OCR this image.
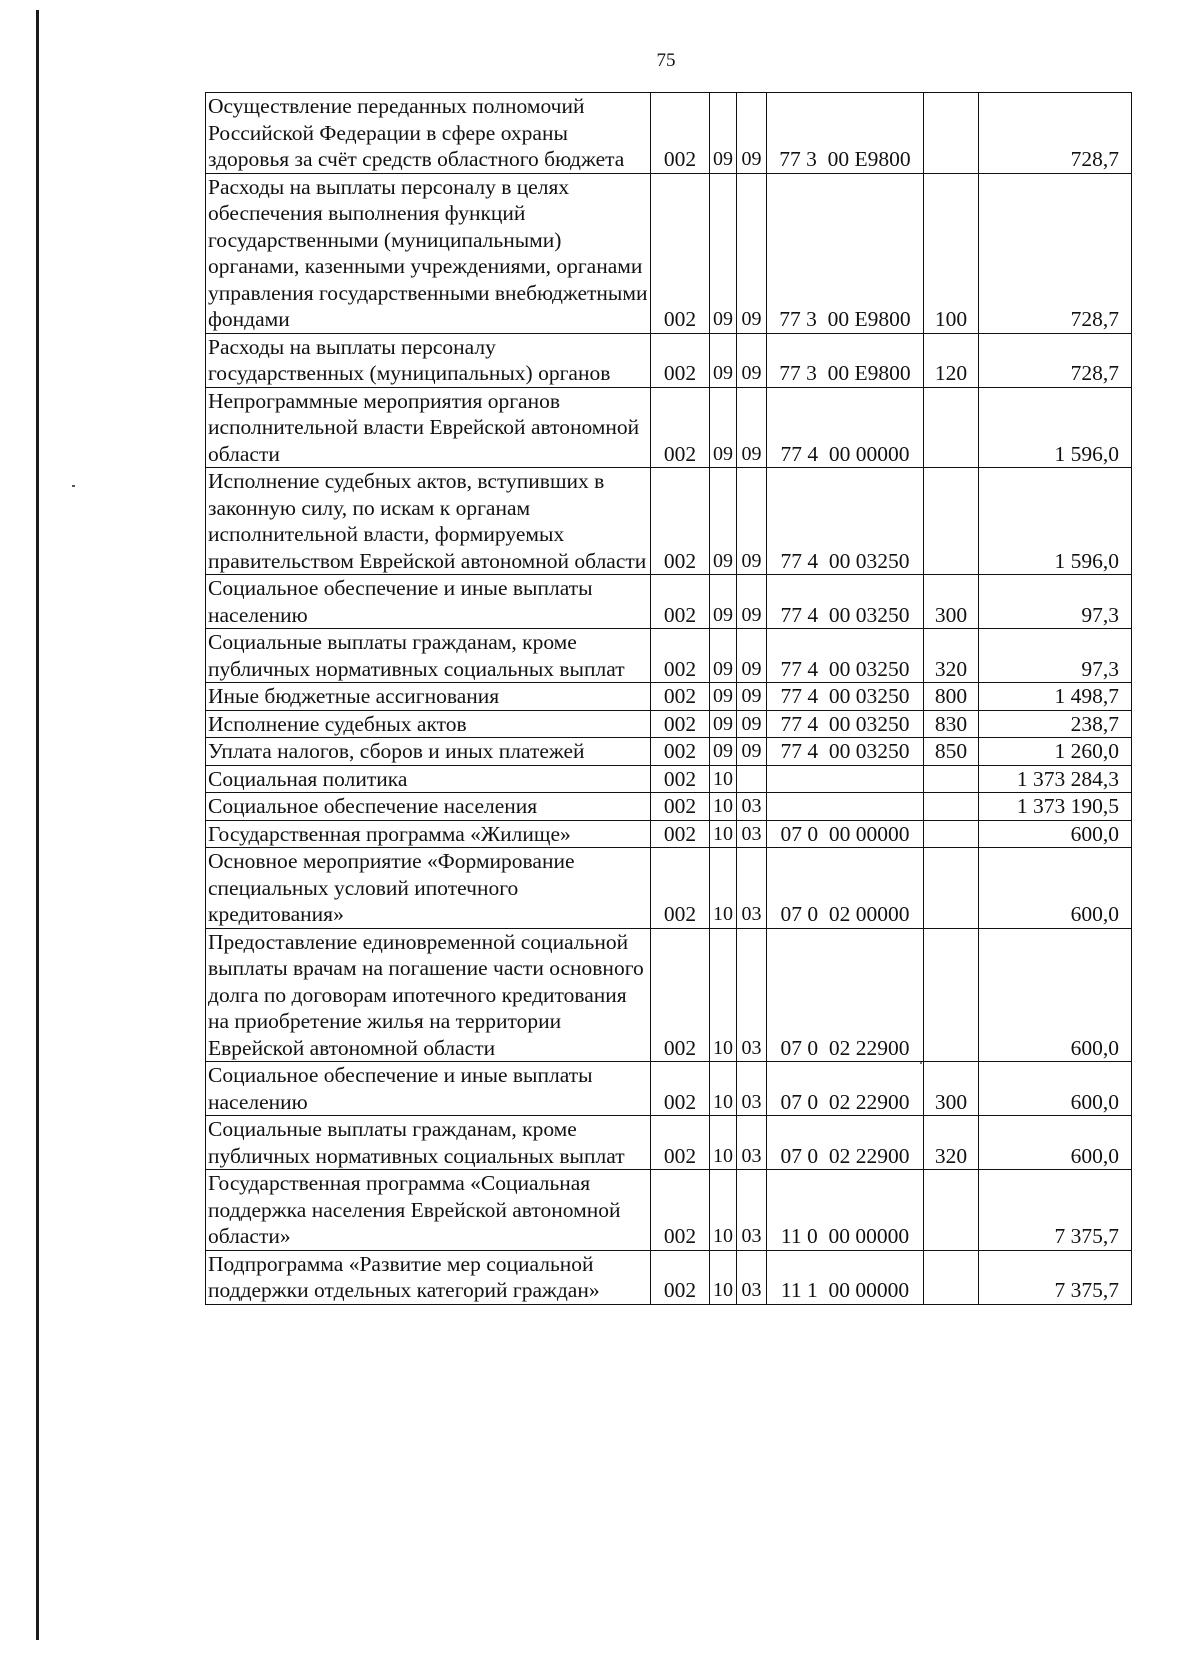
75
Осуществление переданных полномочий Российской Федерации в сфере охраны здоровья за счёт средств областного бюджета	002	09	09	77 3  00 E9800		728,7
Расходы на выплаты персоналу в целях обеспечения выполнения функций государственными (муниципальными) органами, казенными учреждениями, органами управления государственными внебюджетными фондами	002	09	09	77 3  00 E9800	100	728,7
Расходы на выплаты персоналу государственных (муниципальных) органов	002	09	09	77 3  00 E9800	120	728,7
Непрограммные мероприятия органов исполнительной власти Еврейской автономной области	002	09	09	77 4  00 00000		1 596,0
Исполнение судебных актов, вступивших в законную силу, по искам к органам исполнительной власти, формируемых правительством Еврейской автономной области	002	09	09	77 4  00 03250		1 596,0
Социальное обеспечение и иные выплаты населению	002	09	09	77 4  00 03250	300	97,3
Социальные выплаты гражданам, кроме публичных нормативных социальных выплат	002	09	09	77 4  00 03250	320	97,3
Иные бюджетные ассигнования	002	09	09	77 4  00 03250	800	1 498,7
Исполнение судебных актов	002	09	09	77 4  00 03250	830	238,7
Уплата налогов, сборов и иных платежей	002	09	09	77 4  00 03250	850	1 260,0
Социальная политика	002	10				1 373 284,3
Социальное обеспечение населения	002	10	03			1 373 190,5
Государственная программа «Жилище»	002	10	03	07 0  00 00000		600,0
Основное мероприятие «Формирование специальных условий ипотечного кредитования»	002	10	03	07 0  02 00000		600,0
Предоставление единовременной социальной выплаты врачам на погашение части основного долга по договорам ипотечного кредитования на приобретение жилья на территории Еврейской автономной области	002	10	03	07 0  02 22900		600,0
Социальное обеспечение и иные выплаты населению	002	10	03	07 0  02 22900	300	600,0
Социальные выплаты гражданам, кроме публичных нормативных социальных выплат	002	10	03	07 0  02 22900	320	600,0
Государственная программа «Социальная поддержка населения Еврейской автономной области»	002	10	03	11 0  00 00000		7 375,7
Подпрограмма «Развитие мер социальной поддержки отдельных категорий граждан»	002	10	03	11 1  00 00000		7 375,7
